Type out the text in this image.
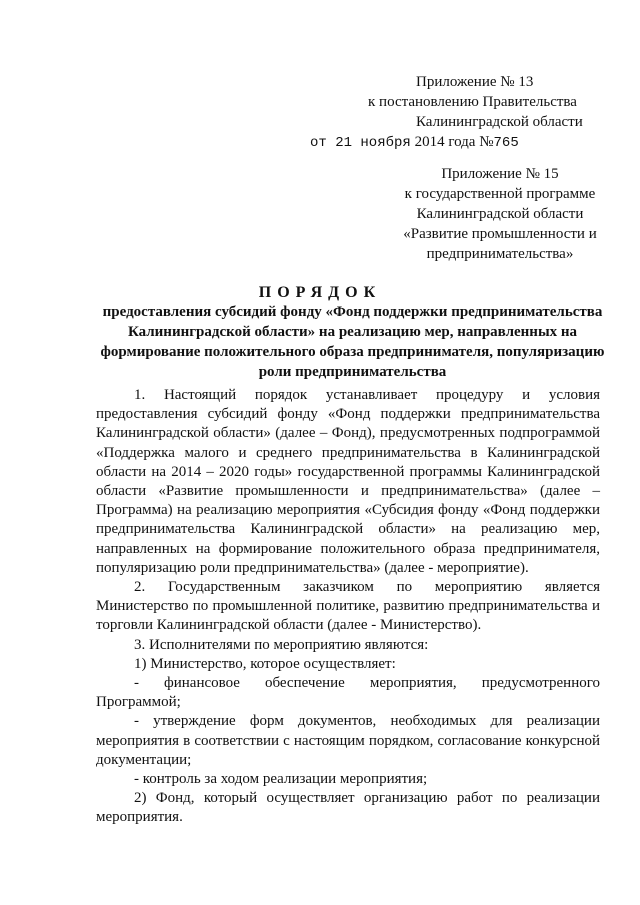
Приложение № 13
к постановлению Правительства
Калининградской области
от 21 ноября 2014 года №765
Приложение № 15
к государственной программе
Калининградской области
«Развитие промышленности и
предпринимательства»
ПОРЯДОК
предоставления субсидий фонду «Фонд поддержки предпринимательства Калининградской области» на реализацию мер, направленных на формирование положительного образа предпринимателя, популяризацию роли предпринимательства

1. Настоящий порядок устанавливает процедуру и условия предоставления субсидий фонду «Фонд поддержки предпринимательства Калининградской области» (далее – Фонд), предусмотренных подпрограммой «Поддержка малого и среднего предпринимательства в Калининградской области на 2014 – 2020 годы» государственной программы Калининградской области «Развитие промышленности и предпринимательства» (далее – Программа) на реализацию мероприятия «Субсидия фонду «Фонд поддержки предпринимательства Калининградской области» на реализацию мер, направленных на формирование положительного образа предпринимателя, популяризацию роли предпринимательства» (далее - мероприятие).

2. Государственным заказчиком по мероприятию является Министерство по промышленной политике, развитию предпринимательства и торговли Калининградской области (далее - Министерство).

3. Исполнителями по мероприятию являются:

1) Министерство, которое осуществляет:

- финансовое обеспечение мероприятия, предусмотренного Программой;

- утверждение форм документов, необходимых для реализации мероприятия в соответствии с настоящим порядком, согласование конкурсной документации;

- контроль за ходом реализации мероприятия;

2) Фонд, который осуществляет организацию работ по реализации мероприятия.
